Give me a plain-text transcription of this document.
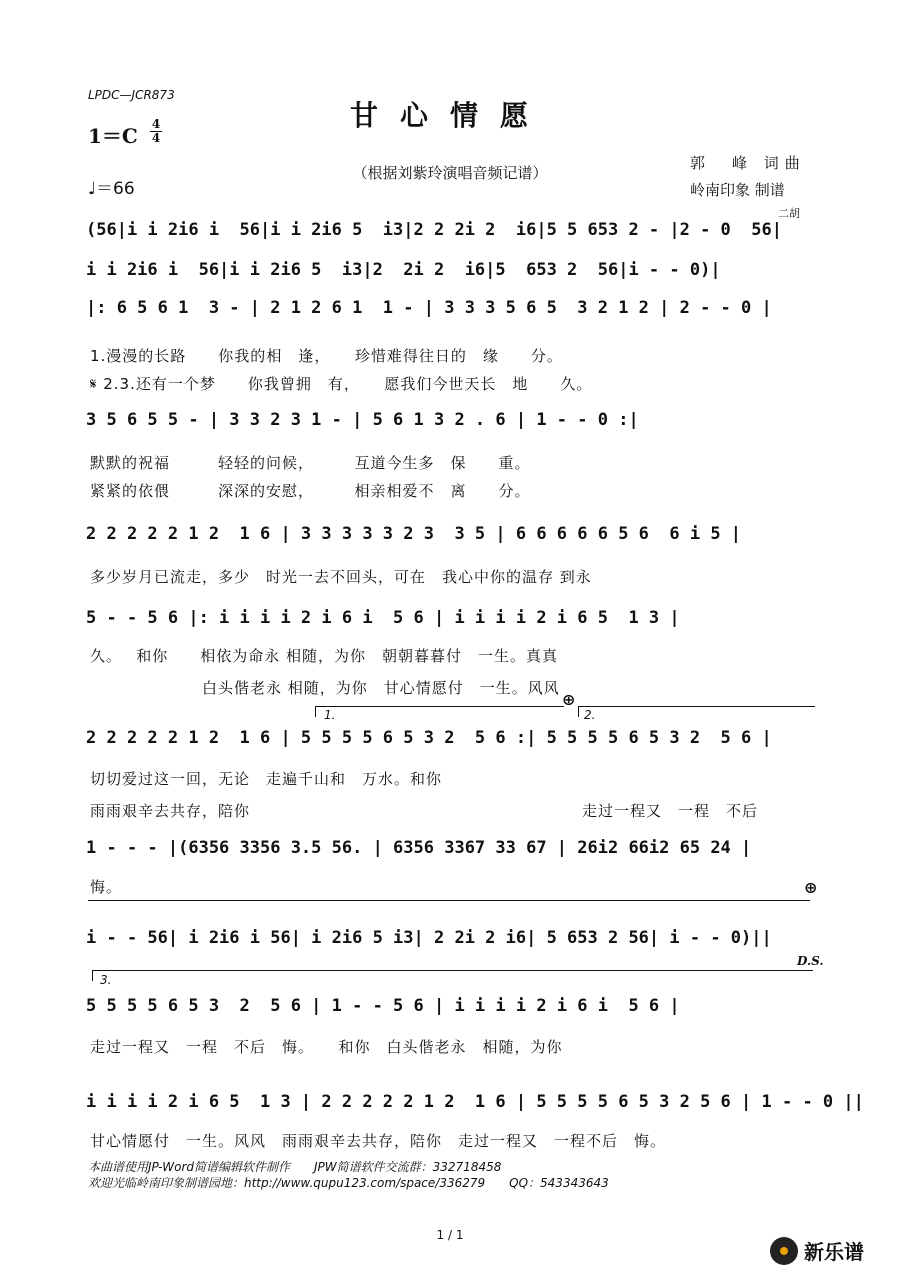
LPDC—JCR873
甘心情愿
1＝C 4
4
♩＝66
（根据刘紫玲演唱音频记谱）
郭　峰 词曲
岭南印象 制谱
二胡
(56|i i 2i6 i  56|i i 2i6 5  i3|2 2 2i 2  i6|5 5 653 2 - |2 - 0  56|
i i 2i6 i  56|i i 2i6 5  i3|2  2i 2  i6|5  653 2  56|i - - 0)|
|: 6 5 6 1  3 - | 2 1 2 6 1  1 - | 3 3 3 5 6 5  3 2 1 2 | 2 - - 0 |
1.漫漫的长路　　你我的相　逢，　　珍惜难得往日的　缘　　分。
𝄋 2.3.还有一个梦　　你我曾拥　有，　　愿我们今世天长　地　　久。
3 5 6 5 5 - | 3 3 2 3 1 - | 5 6 1 3 2 . 6 | 1 - - 0 :|
默默的祝福　　　轻轻的问候，　　　互道今生多　保　　重。
紧紧的依偎　　　深深的安慰，　　　相亲相爱不　离　　分。
2 2 2 2 2 1 2  1 6 | 3 3 3 3 3 2 3  3 5 | 6 6 6 6 6 5 6  6 i 5 |
多少岁月已流走，多少　时光一去不回头，可在　我心中你的温存 到永
5 - - 5 6 |: i i i i 2 i 6 i  5 6 | i i i i 2 i 6 5  1 3 |
久。　 和你　　相依为命永 相随，为你　朝朝暮暮付　一生。真真
　　　　　　　白头偕老永 相随，为你　甘心情愿付　一生。风风
1.
⊕
2.
2 2 2 2 2 1 2  1 6 | 5 5 5 5 6 5 3 2  5 6 :| 5 5 5 5 6 5 3 2  5 6 |
切切爱过这一回，无论　走遍千山和　万水。和你
雨雨艰辛去共存，陪你	走过一程又　一程　不后
1 - - - |(6356 3356 3.5 56. | 6356 3367 33 67 | 26i2 66i2 65 24 |
悔。	⊕
i - - 56| i 2i6 i 56| i 2i6 5 i3| 2 2i 2 i6| 5 653 2 56| i - - 0)||
D.S.
3.
5 5 5 5 6 5 3  2  5 6 | 1 - - 5 6 | i i i i 2 i 6 i  5 6 |
走过一程又　一程　不后　悔。　　和你　白头偕老永　相随，为你
i i i i 2 i 6 5  1 3 | 2 2 2 2 2 1 2  1 6 | 5 5 5 5 6 5 3 2 5 6 | 1 - - 0 ||
甘心情愿付　一生。风风　雨雨艰辛去共存，陪你　走过一程又　一程不后　悔。
本曲谱使用JP-Word简谱编辑软件制作　　JPW简谱软件交流群：332718458
欢迎光临岭南印象制谱园地：http://www.qupu123.com/space/336279　　QQ：543343643
1 / 1
新乐谱
